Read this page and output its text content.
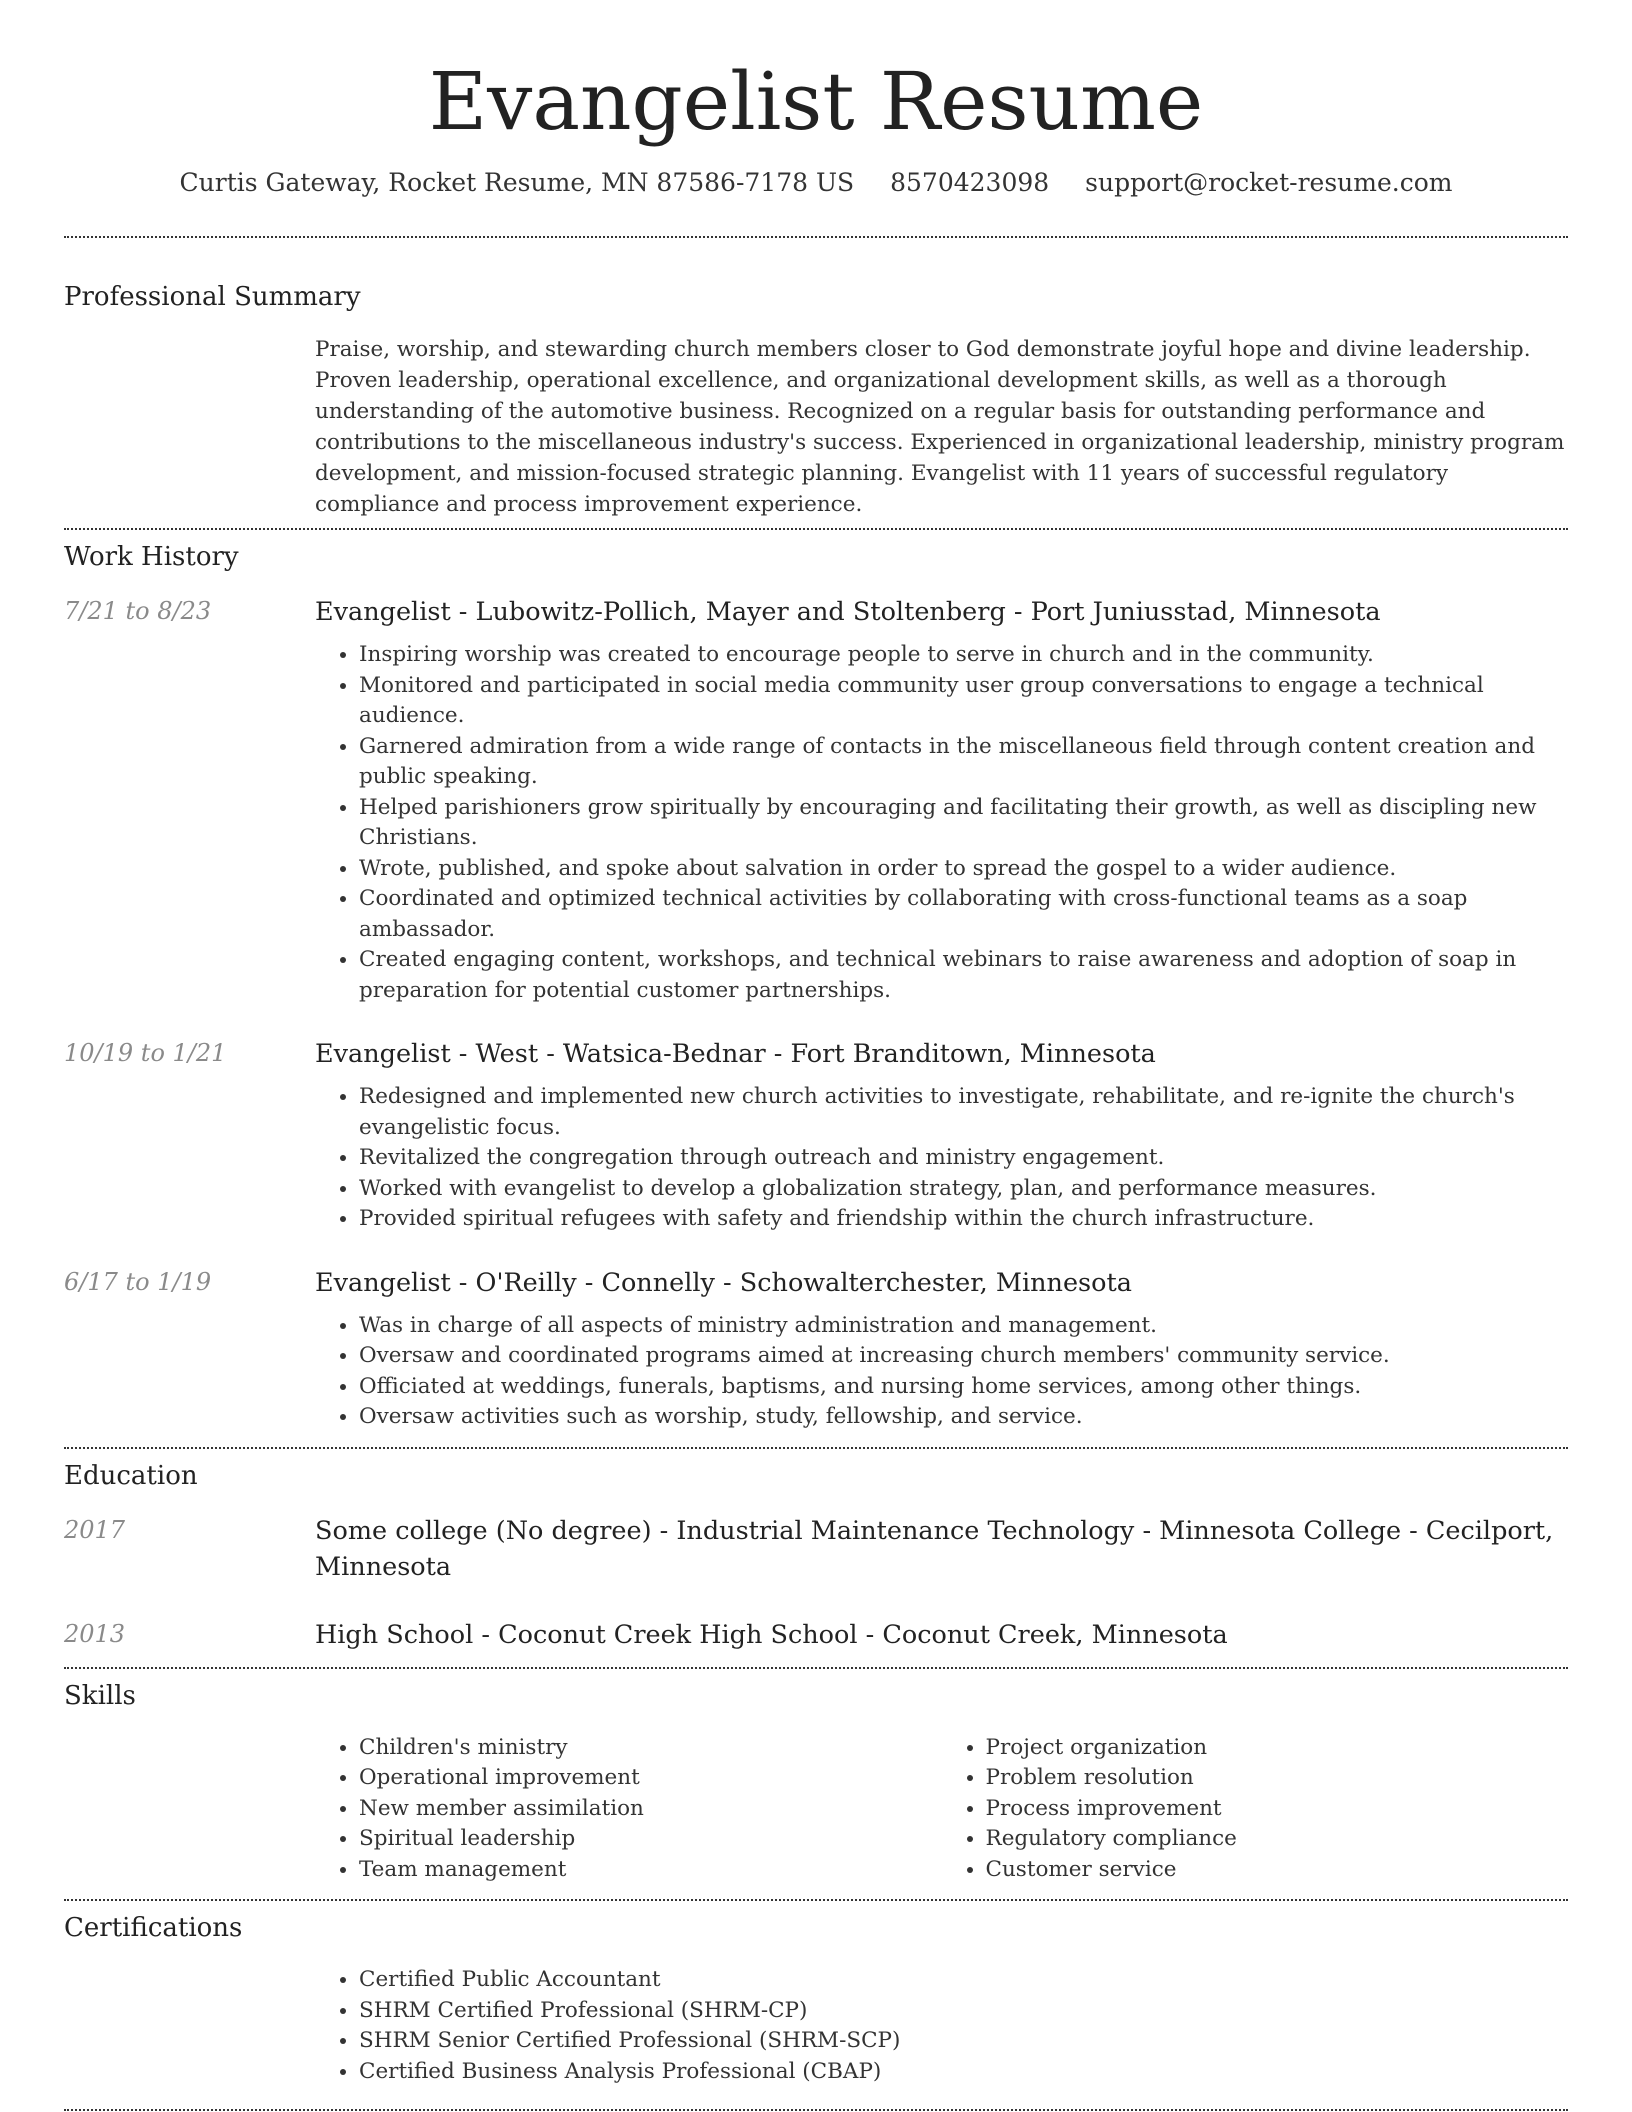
Evangelist Resume
Curtis Gateway, Rocket Resume, MN 87586-7178 US 8570423098 support@rocket-resume.com
Professional Summary

Praise, worship, and stewarding church members closer to God demonstrate joyful hope and divine leadership. Proven leadership, operational excellence, and organizational development skills, as well as a thorough understanding of the automotive business. Recognized on a regular basis for outstanding performance and contributions to the miscellaneous industry's success. Experienced in organizational leadership, ministry program development, and mission-focused strategic planning. Evangelist with 11 years of successful regulatory compliance and process improvement experience.

Work History
7/21 to 8/23	Evangelist - Lubowitz-Pollich, Mayer and Stoltenberg - Port Juniusstad, Minnesota
• Inspiring worship was created to encourage people to serve in church and in the community.
• Monitored and participated in social media community user group conversations to engage a technical audience.
• Garnered admiration from a wide range of contacts in the miscellaneous field through content creation and public speaking.
• Helped parishioners grow spiritually by encouraging and facilitating their growth, as well as discipling new Christians.
• Wrote, published, and spoke about salvation in order to spread the gospel to a wider audience.
• Coordinated and optimized technical activities by collaborating with cross-functional teams as a soap ambassador.
• Created engaging content, workshops, and technical webinars to raise awareness and adoption of soap in preparation for potential customer partnerships.
10/19 to 1/21	Evangelist - West - Watsica-Bednar - Fort Branditown, Minnesota
• Redesigned and implemented new church activities to investigate, rehabilitate, and re-ignite the church's evangelistic focus.
• Revitalized the congregation through outreach and ministry engagement.
• Worked with evangelist to develop a globalization strategy, plan, and performance measures.
• Provided spiritual refugees with safety and friendship within the church infrastructure.
6/17 to 1/19	Evangelist - O'Reilly - Connelly - Schowalterchester, Minnesota
• Was in charge of all aspects of ministry administration and management.
• Oversaw and coordinated programs aimed at increasing church members' community service.
• Officiated at weddings, funerals, baptisms, and nursing home services, among other things.
• Oversaw activities such as worship, study, fellowship, and service.
Education
2017	Some college (No degree) - Industrial Maintenance Technology - Minnesota College - Cecilport, Minnesota
2013	High School - Coconut Creek High School - Coconut Creek, Minnesota
Skills
• Children's ministry
• Operational improvement
• New member assimilation
• Spiritual leadership
• Team management
• Project organization
• Problem resolution
• Process improvement
• Regulatory compliance
• Customer service
Certifications
• Certified Public Accountant
• SHRM Certified Professional (SHRM-CP)
• SHRM Senior Certified Professional (SHRM-SCP)
• Certified Business Analysis Professional (CBAP)
